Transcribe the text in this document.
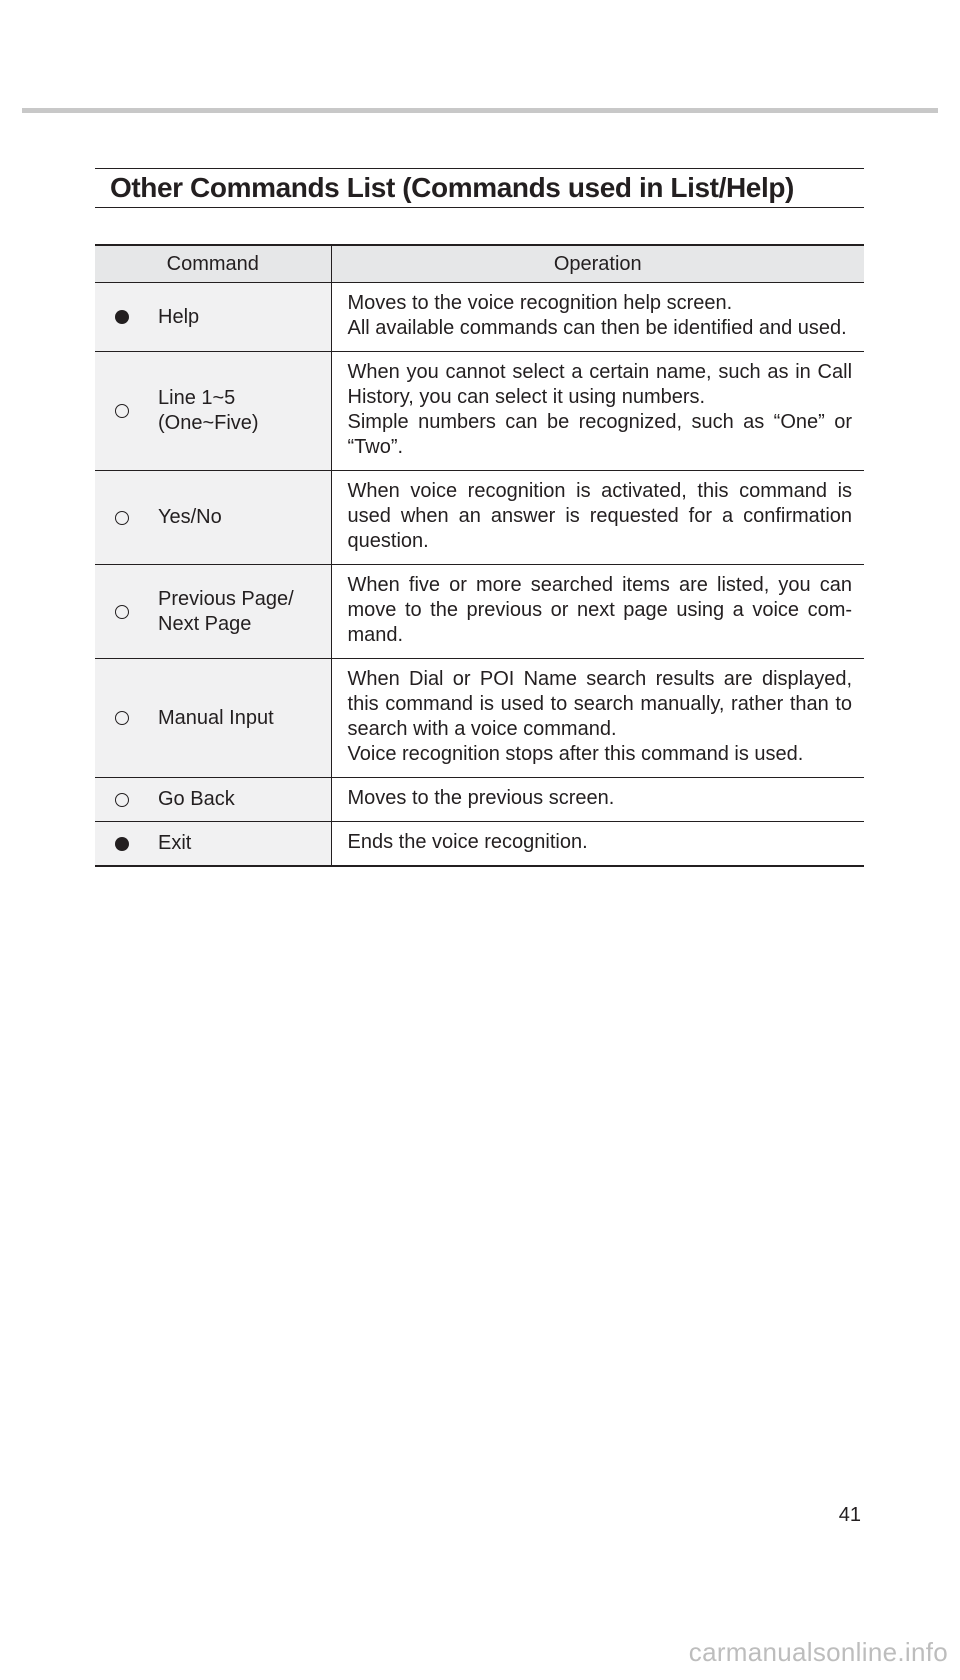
Other Commands List (Commands used in List/Help)
Command		Operation

	Help	Moves to the voice recognition help screen.
All available commands can then be identified and used.

	Line 1~5
(One~Five)	When you cannot select a certain name, such as in Call History, you can select it using numbers.
Simple numbers can be recognized, such as “One” or “Two”.

	Yes/No	When voice recognition is activated, this command is used when an answer is requested for a confirmation question.

	Previous Page/
Next Page	When five or more searched items are listed, you can move to the previous or next page using a voice com-mand.

	Manual Input	When Dial or POI Name search results are displayed, this command is used to search manually, rather than to search with a voice command.
Voice recognition stops after this command is used.

	Go Back	Moves to the previous screen.

	Exit	Ends the voice recognition.
41
carmanualsonline.info
